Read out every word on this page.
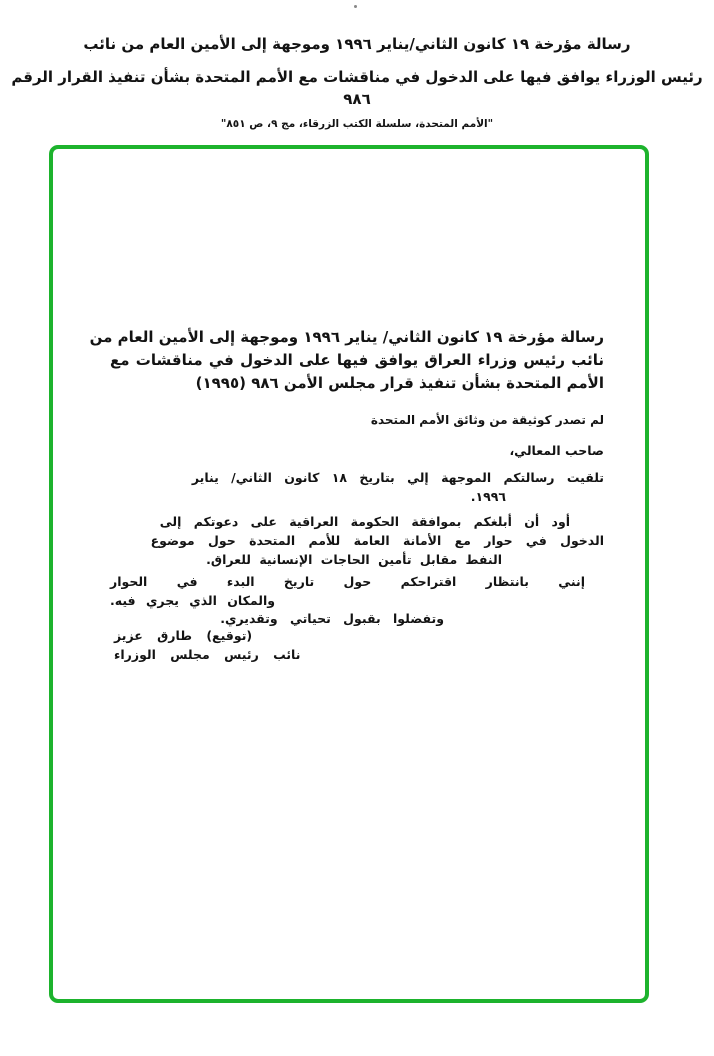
رسالة مؤرخة ١٩ كانون الثاني/يناير ١٩٩٦ وموجهة إلى الأمين العام من نائب
رئيس الوزراء يوافق فيها على الدخول في مناقشات مع الأمم المتحدة بشأن تنفيذ القرار الرقم ٩٨٦
"الأمم المتحدة، سلسلة الكتب الزرقاء، مج ٩، ص ٨٥١"
رسالة مؤرخة ١٩ كانون الثاني/ يناير ١٩٩٦ وموجهة إلى الأمين العام من
نائب رئيس وزراء العراق يوافق فيها على الدخول في مناقشات مع
الأمم المتحدة بشأن تنفيذ قرار مجلس الأمن ٩٨٦ (١٩٩٥)
لم تصدر كوثيقة من وثائق الأمم المتحدة
صاحب المعالي،
تلقيت رسالتكم الموجهة إلي بتاريخ ١٨ كانون الثاني/ يناير
١٩٩٦.
أود أن أبلغكم بموافقة الحكومة العراقية على دعوتكم إلى
الدخول في حوار مع الأمانة العامة للأمم المتحدة حول موضوع
النفط مقابل تأمين الحاجات الإنسانية للعراق.
إنني بانتظار اقتراحكم حول تاريخ البدء في الحوار
والمكان الذي يجري فيه.
وتفضلوا بقبول تحياتي وتقديري.
(توقيع) طارق عزيز
نائب رئيس مجلس الوزراء
